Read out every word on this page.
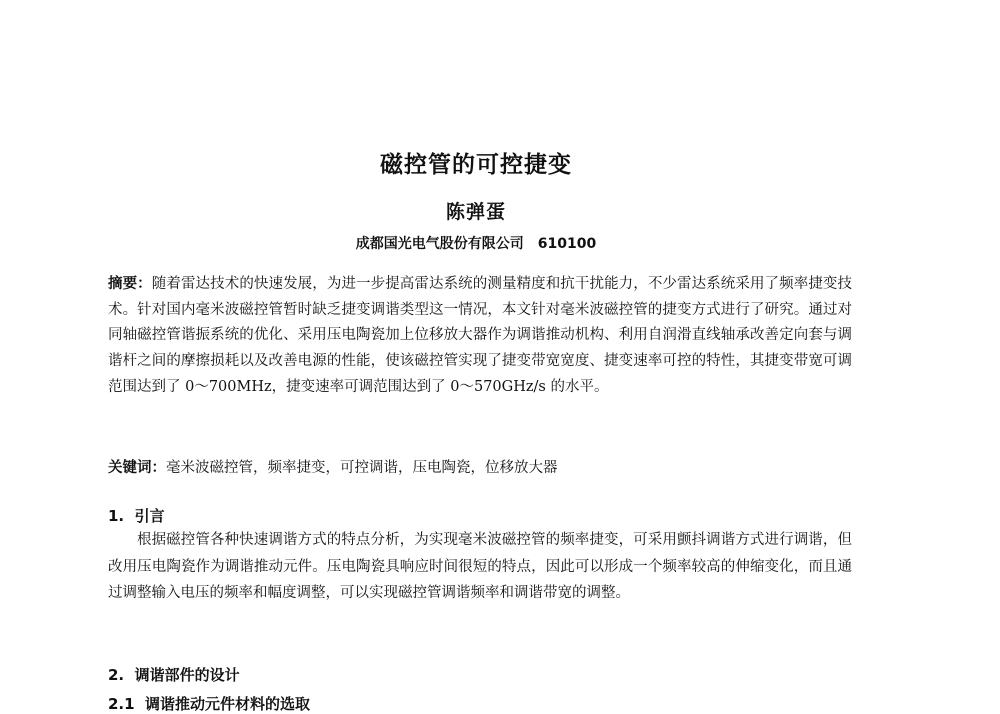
磁控管的可控捷变
陈弹蛋
成都国光电气股份有限公司 610100
摘要：随着雷达技术的快速发展，为进一步提高雷达系统的测量精度和抗干扰能力，不少雷达系统采用了频率捷变技术。针对国内毫米波磁控管暂时缺乏捷变调谐类型这一情况，本文针对毫米波磁控管的捷变方式进行了研究。通过对同轴磁控管谐振系统的优化、采用压电陶瓷加上位移放大器作为调谐推动机构、利用自润滑直线轴承改善定向套与调谐杆之间的摩擦损耗以及改善电源的性能，使该磁控管实现了捷变带宽宽度、捷变速率可控的特性，其捷变带宽可调范围达到了 0～700MHz，捷变速率可调范围达到了 0～570GHz/s 的水平。
关键词：毫米波磁控管，频率捷变，可控调谐，压电陶瓷，位移放大器
1. 引言
根据磁控管各种快速调谐方式的特点分析，为实现毫米波磁控管的频率捷变，可采用颤抖调谐方式进行调谐，但改用压电陶瓷作为调谐推动元件。压电陶瓷具响应时间很短的特点，因此可以形成一个频率较高的伸缩变化，而且通过调整输入电压的频率和幅度调整，可以实现磁控管调谐频率和调谐带宽的调整。
2. 调谐部件的设计
2.1 调谐推动元件材料的选取
